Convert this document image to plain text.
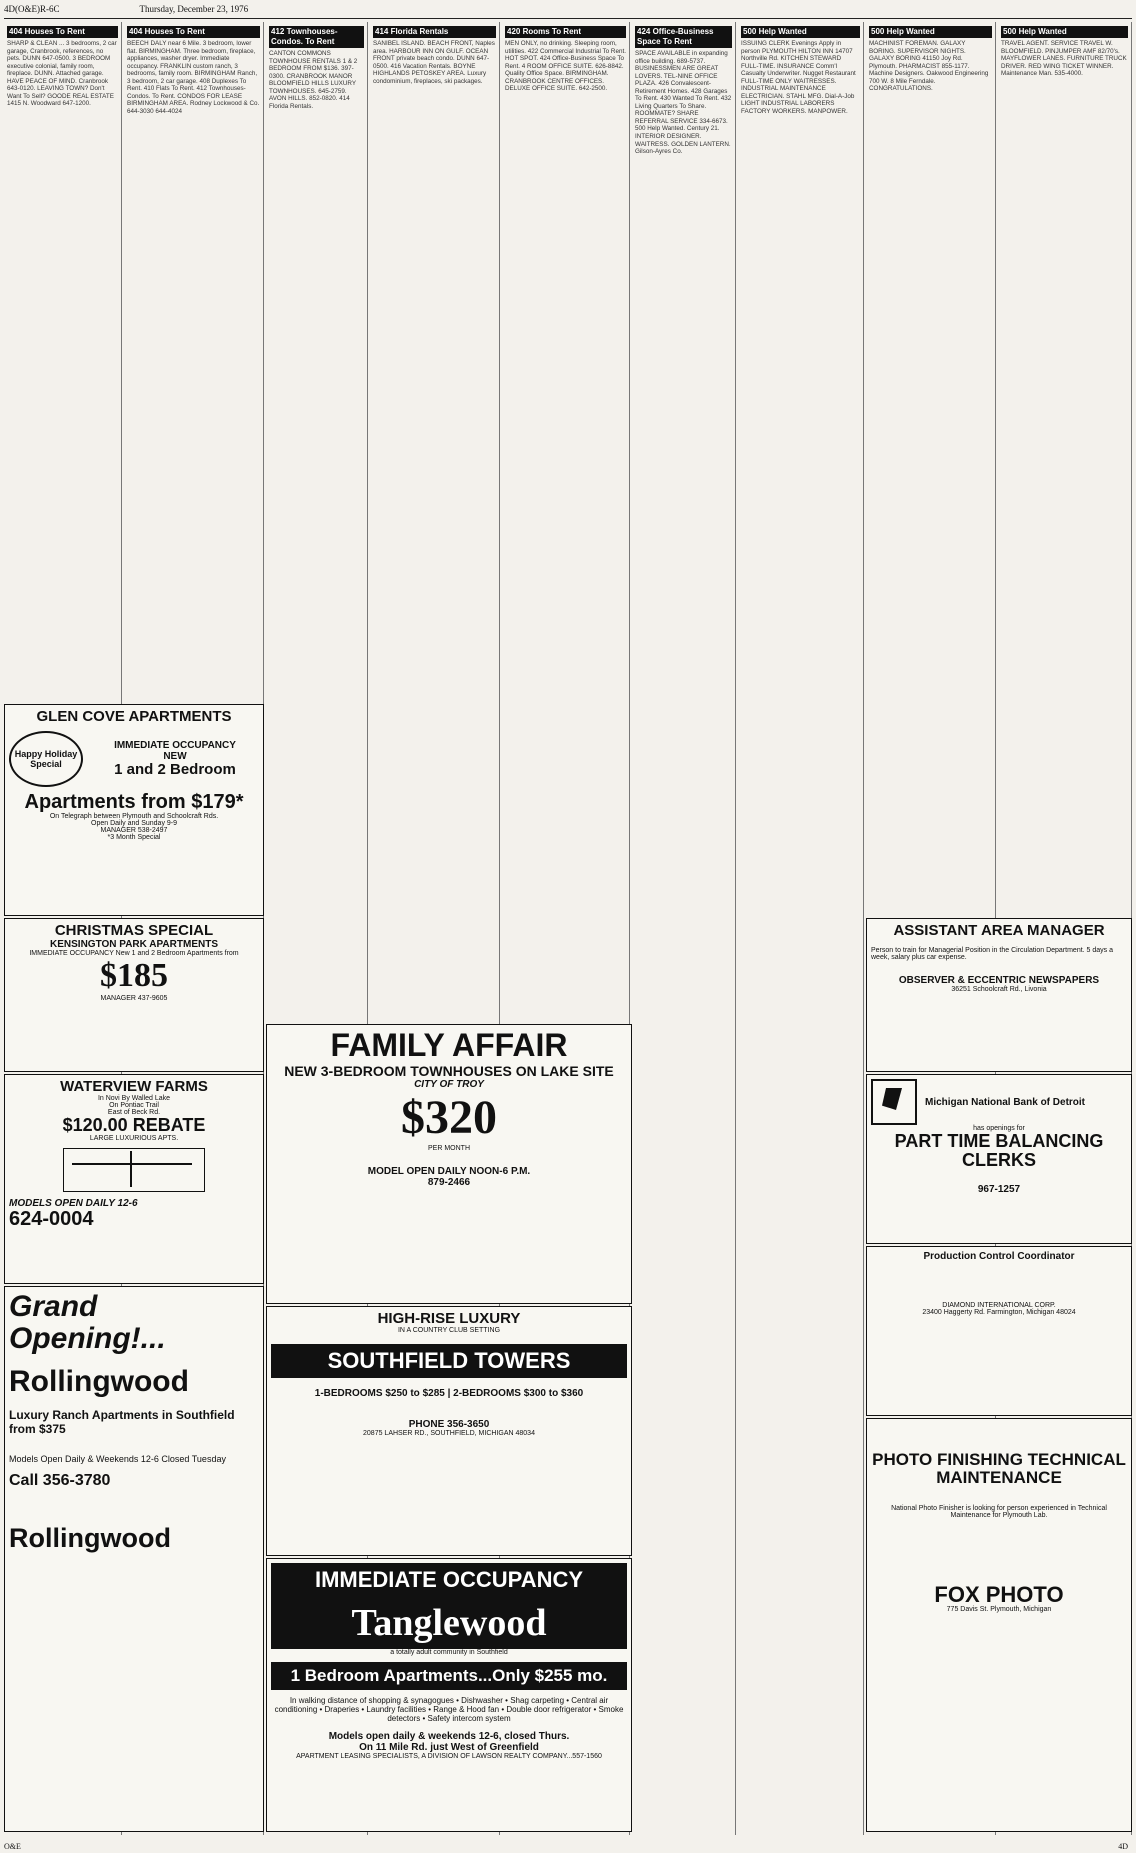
4D(O&E)R-6C	Thursday, December 23, 1976
404 Houses To Rent
SHARP & CLEAN ... 3 bedrooms, 2 car garage, Cranbrook, references, no pets. DUNN 647-0500. 3 BEDROOM executive colonial, family room, fireplace. DUNN. Attached garage. HAVE PEACE OF MIND. Cranbrook 643-0120. LEAVING TOWN? Don't Want To Sell? GOODE REAL ESTATE 1415 N. Woodward 647-1200.
404 Houses To Rent
BEECH DALY near 6 Mile. 3 bedroom, lower flat. BIRMINGHAM. Three bedroom, fireplace, appliances, washer dryer. Immediate occupancy. FRANKLIN custom ranch, 3 bedrooms, family room. BIRMINGHAM Ranch, 3 bedroom, 2 car garage. 408 Duplexes To Rent. 410 Flats To Rent. 412 Townhouses-Condos. To Rent. CONDOS FOR LEASE BIRMINGHAM AREA. Rodney Lockwood & Co. 644-3030 644-4024
412 Townhouses-Condos. To Rent
CANTON COMMONS TOWNHOUSE RENTALS 1 & 2 BEDROOM FROM $136. 397-0300. CRANBROOK MANOR BLOOMFIELD HILLS LUXURY TOWNHOUSES. 645-2759. AVON HILLS. 852-0820. 414 Florida Rentals.
414 Florida Rentals
SANIBEL ISLAND. BEACH FRONT, Naples area. HARBOUR INN ON GULF. OCEAN FRONT private beach condo. DUNN 647-0500. 416 Vacation Rentals. BOYNE HIGHLANDS PETOSKEY AREA. Luxury condominium, fireplaces, ski packages.
420 Rooms To Rent
MEN ONLY, no drinking. Sleeping room, utilities. 422 Commercial Industrial To Rent. HOT SPOT. 424 Office-Business Space To Rent. 4 ROOM OFFICE SUITE. 626-8842. Quality Office Space. BIRMINGHAM. CRANBROOK CENTRE OFFICES. DELUXE OFFICE SUITE. 642-2500.
424 Office-Business Space To Rent
SPACE AVAILABLE in expanding office building. 689-5737. BUSINESSMEN ARE GREAT LOVERS. TEL-NINE OFFICE PLAZA. 426 Convalescent-Retirement Homes. 428 Garages To Rent. 430 Wanted To Rent. 432 Living Quarters To Share. ROOMMATE? SHARE REFERRAL SERVICE 334-6673. 500 Help Wanted. Century 21. INTERIOR DESIGNER. WAITRESS. GOLDEN LANTERN. Gilson-Ayres Co.
500 Help Wanted
ISSUING CLERK Evenings Apply in person PLYMOUTH HILTON INN 14707 Northville Rd. KITCHEN STEWARD FULL-TIME. INSURANCE Comm'l Casualty Underwriter. Nugget Restaurant FULL-TIME ONLY WAITRESSES. INDUSTRIAL MAINTENANCE ELECTRICIAN. STAHL MFG. Dial-A-Job LIGHT INDUSTRIAL LABORERS FACTORY WORKERS. MANPOWER.
500 Help Wanted
MACHINIST FOREMAN. GALAXY BORING. SUPERVISOR NIGHTS. GALAXY BORING 41150 Joy Rd. Plymouth. PHARMACIST 855-1177. Machine Designers. Oakwood Engineering 700 W. 8 Mile Ferndale. CONGRATULATIONS.
500 Help Wanted
TRAVEL AGENT. SERVICE TRAVEL W. BLOOMFIELD. PINJUMPER AMF 82/70's. MAYFLOWER LANES. FURNITURE TRUCK DRIVER. RED WING TICKET WINNER. Maintenance Man. 535-4000.
GLEN COVE APARTMENTS
Happy Holiday Special
IMMEDIATE OCCUPANCY
NEW
1 and 2 Bedroom
Apartments from $179*
On Telegraph between Plymouth and Schoolcraft Rds.
Open Daily and Sunday 9-9
MANAGER 538-2497
*3 Month Special
CHRISTMAS SPECIAL
KENSINGTON PARK APARTMENTS
IMMEDIATE OCCUPANCY New 1 and 2 Bedroom Apartments from
$185
MANAGER 437-9605
WATERVIEW FARMS
In Novi By Walled Lake
On Pontiac Trail
East of Beck Rd.
$120.00 REBATE
LARGE LUXURIOUS APTS.
MODELS OPEN DAILY 12-6
624-0004
Grand Opening!...
Rollingwood
Luxury Ranch Apartments in Southfield from $375
Models Open Daily & Weekends 12-6 Closed Tuesday
Call 356-3780
Rollingwood
FAMILY AFFAIR
NEW 3-BEDROOM TOWNHOUSES ON LAKE SITE
CITY OF TROY
$320
PER MONTH
MODEL OPEN DAILY NOON-6 P.M.
879-2466
HIGH-RISE LUXURY
IN A COUNTRY CLUB SETTING
SOUTHFIELD TOWERS
1-BEDROOMS $250 to $285 | 2-BEDROOMS $300 to $360
PHONE 356-3650
20875 LAHSER RD., SOUTHFIELD, MICHIGAN 48034
IMMEDIATE OCCUPANCY
Tanglewood
a totally adult community in Southfield
1 Bedroom Apartments...Only $255 mo.
In walking distance of shopping & synagogues • Dishwasher • Shag carpeting • Central air conditioning • Draperies • Laundry facilities • Range & Hood fan • Double door refrigerator • Smoke detectors • Safety intercom system
Models open daily & weekends 12-6, closed Thurs.
On 11 Mile Rd. just West of Greenfield
APARTMENT LEASING SPECIALISTS, A DIVISION OF LAWSON REALTY COMPANY...557-1560
ASSISTANT AREA MANAGER
Person to train for Managerial Position in the Circulation Department. 5 days a week, salary plus car expense.
OBSERVER & ECCENTRIC NEWSPAPERS
36251 Schoolcraft Rd., Livonia
Michigan National Bank of Detroit
has openings for
PART TIME BALANCING CLERKS
967-1257
Production Control Coordinator
DIAMOND INTERNATIONAL CORP.
23400 Haggerty Rd. Farmington, Michigan 48024
PHOTO FINISHING TECHNICAL MAINTENANCE
National Photo Finisher is looking for person experienced in Technical Maintenance for Plymouth Lab.
FOX PHOTO
775 Davis St. Plymouth, Michigan
O&E	4D
